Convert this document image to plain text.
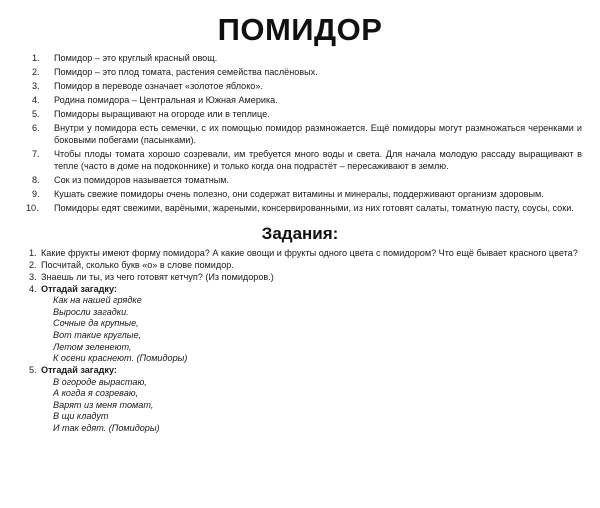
ПОМИДОР
1.	Помидор – это круглый красный овощ.
2.	Помидор – это плод томата, растения семейства паслёновых.
3.	Помидор в переводе означает «золотое яблоко».
4.	Родина помидора – Центральная и Южная Америка.
5.	Помидоры выращивают на огороде или в теплице.
6.	Внутри у помидора есть семечки, с их помощью помидор размножается. Ещё помидоры могут размножаться черенками и боковыми побегами (пасынками).
7.	Чтобы плоды томата хорошо созревали, им требуется много воды и света. Для начала молодую рассаду выращивают в тепле (часто в доме на подоконнике) и только когда она подрастёт – пересаживают в землю.
8.	Сок из помидоров называется томатным.
9.	Кушать свежие помидоры очень полезно, они содержат витамины и минералы, поддерживают организм здоровым.
10.	Помидоры едят свежими, варёными, жареными, консервированными, из них готовят салаты, томатную пасту, соусы, соки.
Задания:
1. Какие фрукты имеют форму помидора? А какие овощи и фрукты одного цвета с помидором? Что ещё бывает красного цвета?
2. Посчитай, сколько букв «о» в слове помидор.
3. Знаешь ли ты, из чего готовят кетчуп? (Из помидоров.)
4. Отгадай загадку:
Как на нашей грядке
Выросли загадки.
Сочные да крупные,
Вот такие круглые,
Летом зеленеют,
К осени краснеют. (Помидоры)
5. Отгадай загадку:
В огороде вырастаю,
А когда я созреваю,
Варят из меня томат,
В щи кладут
И так едят. (Помидоры)
